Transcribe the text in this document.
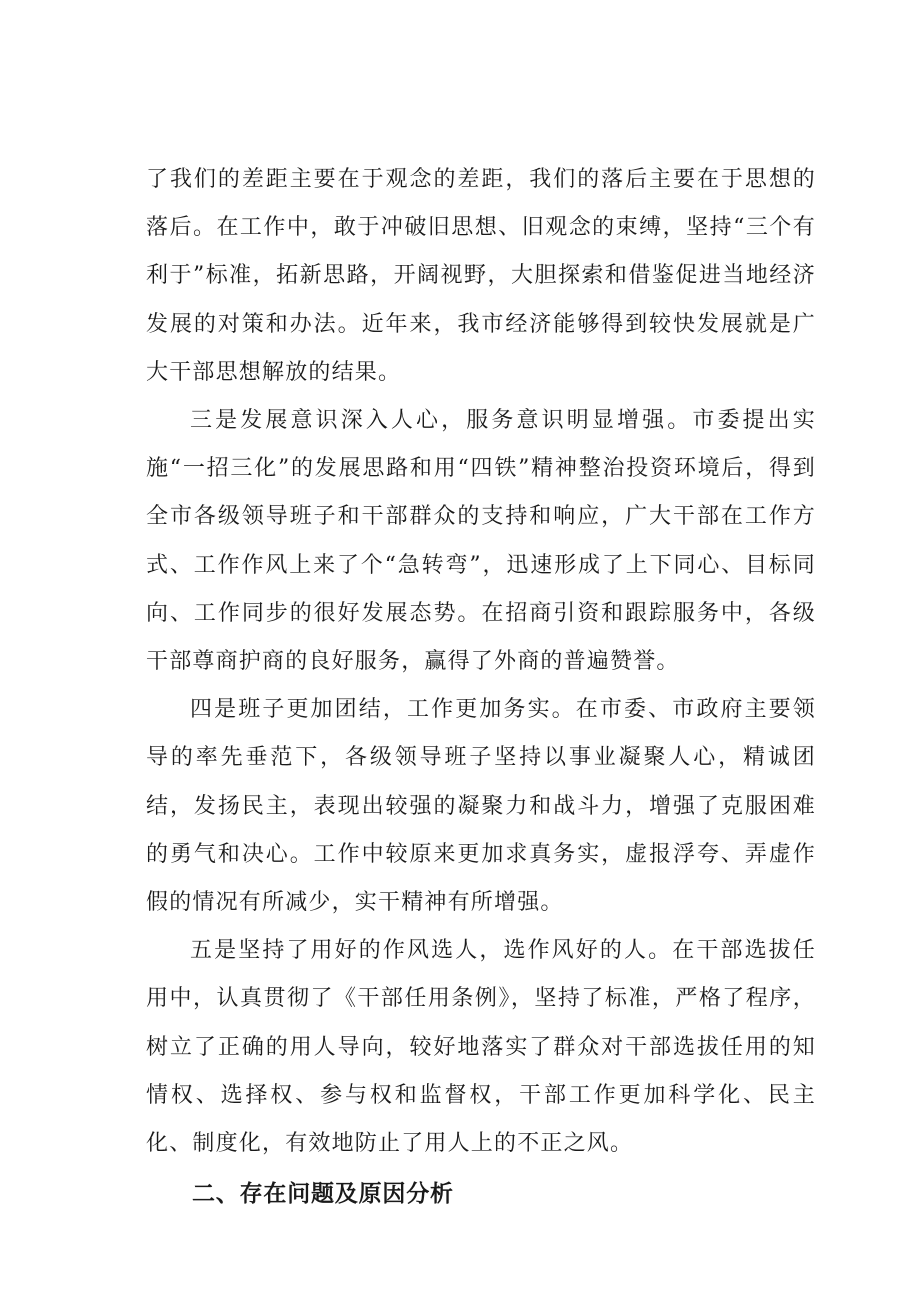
了我们的差距主要在于观念的差距，我们的落后主要在于思想的落后。在工作中，敢于冲破旧思想、旧观念的束缚，坚持“三个有利于”标准，拓新思路，开阔视野，大胆探索和借鉴促进当地经济发展的对策和办法。近年来，我市经济能够得到较快发展就是广大干部思想解放的结果。

三是发展意识深入人心，服务意识明显增强。市委提出实施“一招三化”的发展思路和用“四铁”精神整治投资环境后，得到全市各级领导班子和干部群众的支持和响应，广大干部在工作方式、工作作风上来了个“急转弯”，迅速形成了上下同心、目标同向、工作同步的很好发展态势。在招商引资和跟踪服务中，各级干部尊商护商的良好服务，赢得了外商的普遍赞誉。

四是班子更加团结，工作更加务实。在市委、市政府主要领导的率先垂范下，各级领导班子坚持以事业凝聚人心，精诚团结，发扬民主，表现出较强的凝聚力和战斗力，增强了克服困难的勇气和决心。工作中较原来更加求真务实，虚报浮夸、弄虚作假的情况有所减少，实干精神有所增强。

五是坚持了用好的作风选人，选作风好的人。在干部选拔任用中，认真贯彻了《干部任用条例》，坚持了标准，严格了程序，树立了正确的用人导向，较好地落实了群众对干部选拔任用的知情权、选择权、参与权和监督权，干部工作更加科学化、民主化、制度化，有效地防止了用人上的不正之风。

二、存在问题及原因分析
